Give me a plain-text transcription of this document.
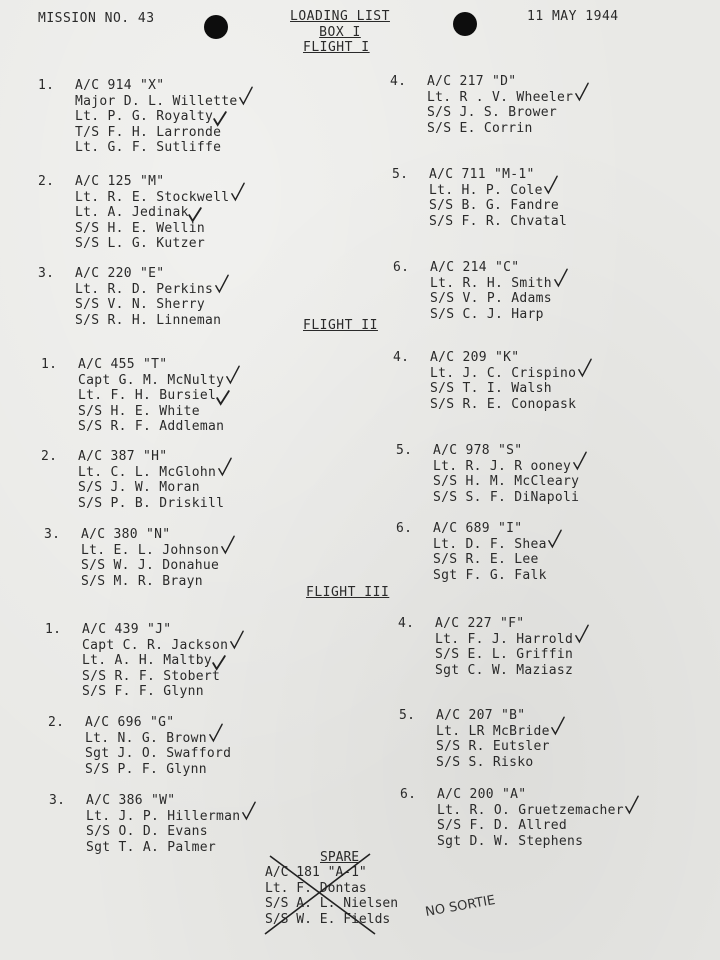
MISSION NO. 43	LOADING LIST
BOX I
11 MAY 1944
FLIGHT I
1. A/C 914 "X"
Major D. L. Willette
Lt. P. G. Royalty
T/S F. H. Larronde
Lt. G. F. Sutliffe
2. A/C 125 "M"
Lt. R. E. Stockwell
Lt. A. Jedinak
S/S H. E. Wellin
S/S L. G. Kutzer
3. A/C 220 "E"
Lt. R. D. Perkins
S/S V. N. Sherry
S/S R. H. Linneman
4. A/C 217 "D"
Lt. R . V. Wheeler
S/S J. S. Brower
S/S E. Corrin
5. A/C 711 "M-1"
Lt. H. P. Cole
S/S B. G. Fandre
S/S F. R. Chvatal
6. A/C 214 "C"
Lt. R. H. Smith
S/S V. P. Adams
S/S C. J. Harp
FLIGHT II
1. A/C 455 "T"
Capt G. M. McNulty
Lt. F. H. Bursiel
S/S H. E. White
S/S R. F. Addleman
2. A/C 387 "H"
Lt. C. L. McGlohn
S/S J. W. Moran
S/S P. B. Driskill
3. A/C 380 "N"
Lt. E. L. Johnson
S/S W. J. Donahue
S/S M. R. Brayn
4. A/C 209 "K"
Lt. J. C. Crispino
S/S T. I. Walsh
S/S R. E. Conopask
5. A/C 978 "S"
Lt. R. J. R ooney
S/S H. M. McCleary
S/S S. F. DiNapoli
6. A/C 689 "I"
Lt. D. F. Shea
S/S R. E. Lee
Sgt F. G. Falk
FLIGHT III
1. A/C 439 "J"
Capt C. R. Jackson
Lt. A. H. Maltby
S/S R. F. Stobert
S/S F. F. Glynn
2. A/C 696 "G"
Lt. N. G. Brown
Sgt J. O. Swafford
S/S P. F. Glynn
3. A/C 386 "W"
Lt. J. P. Hillerman
S/S O. D. Evans
Sgt T. A. Palmer
4. A/C 227 "F"
Lt. F. J. Harrold
S/S E. L. Griffin
Sgt C. W. Maziasz
5. A/C 207 "B"
Lt. LR McBride
S/S R. Eutsler
S/S S. Risko
6. A/C 200 "A"
Lt. R. O. Gruetzemacher
S/S F. D. Allred
Sgt D. W. Stephens
SPARE
A/C 181 "A-1"
Lt. F. Dontas
S/S A. L. Nielsen
S/S W. E. Fields	NO SORTIE
